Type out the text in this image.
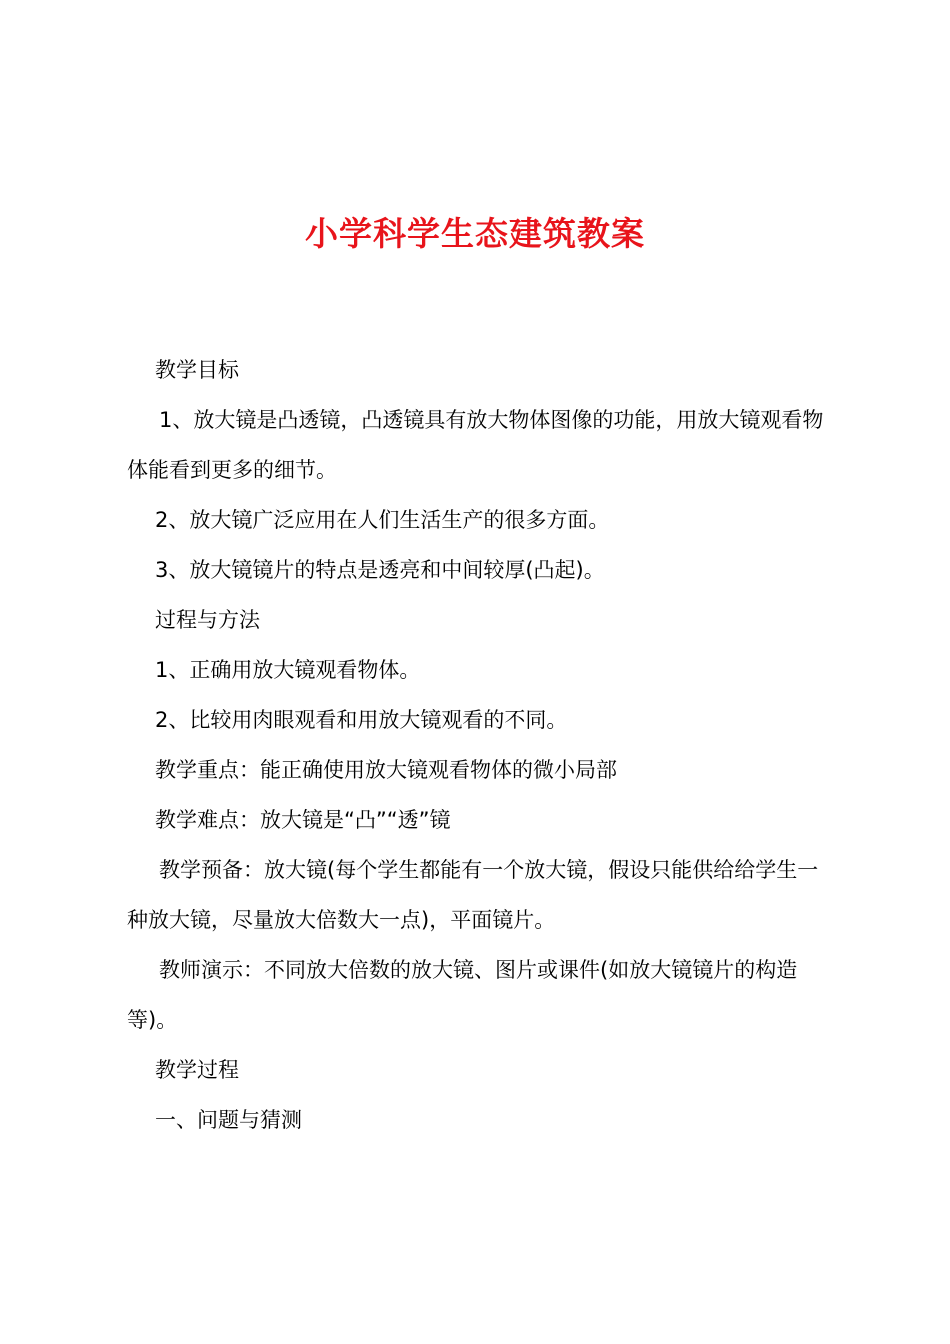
小学科学生态建筑教案

教学目标

1、放大镜是凸透镜，凸透镜具有放大物体图像的功能，用放大镜观看物体能看到更多的细节。

2、放大镜广泛应用在人们生活生产的很多方面。

3、放大镜镜片的特点是透亮和中间较厚(凸起)。

过程与方法

1、正确用放大镜观看物体。

2、比较用肉眼观看和用放大镜观看的不同。

教学重点：能正确使用放大镜观看物体的微小局部

教学难点：放大镜是“凸”“透”镜

教学预备：放大镜(每个学生都能有一个放大镜，假设只能供给给学生一种放大镜，尽量放大倍数大一点)，平面镜片。

教师演示：不同放大倍数的放大镜、图片或课件(如放大镜镜片的构造等)。

教学过程

一、问题与猜测
